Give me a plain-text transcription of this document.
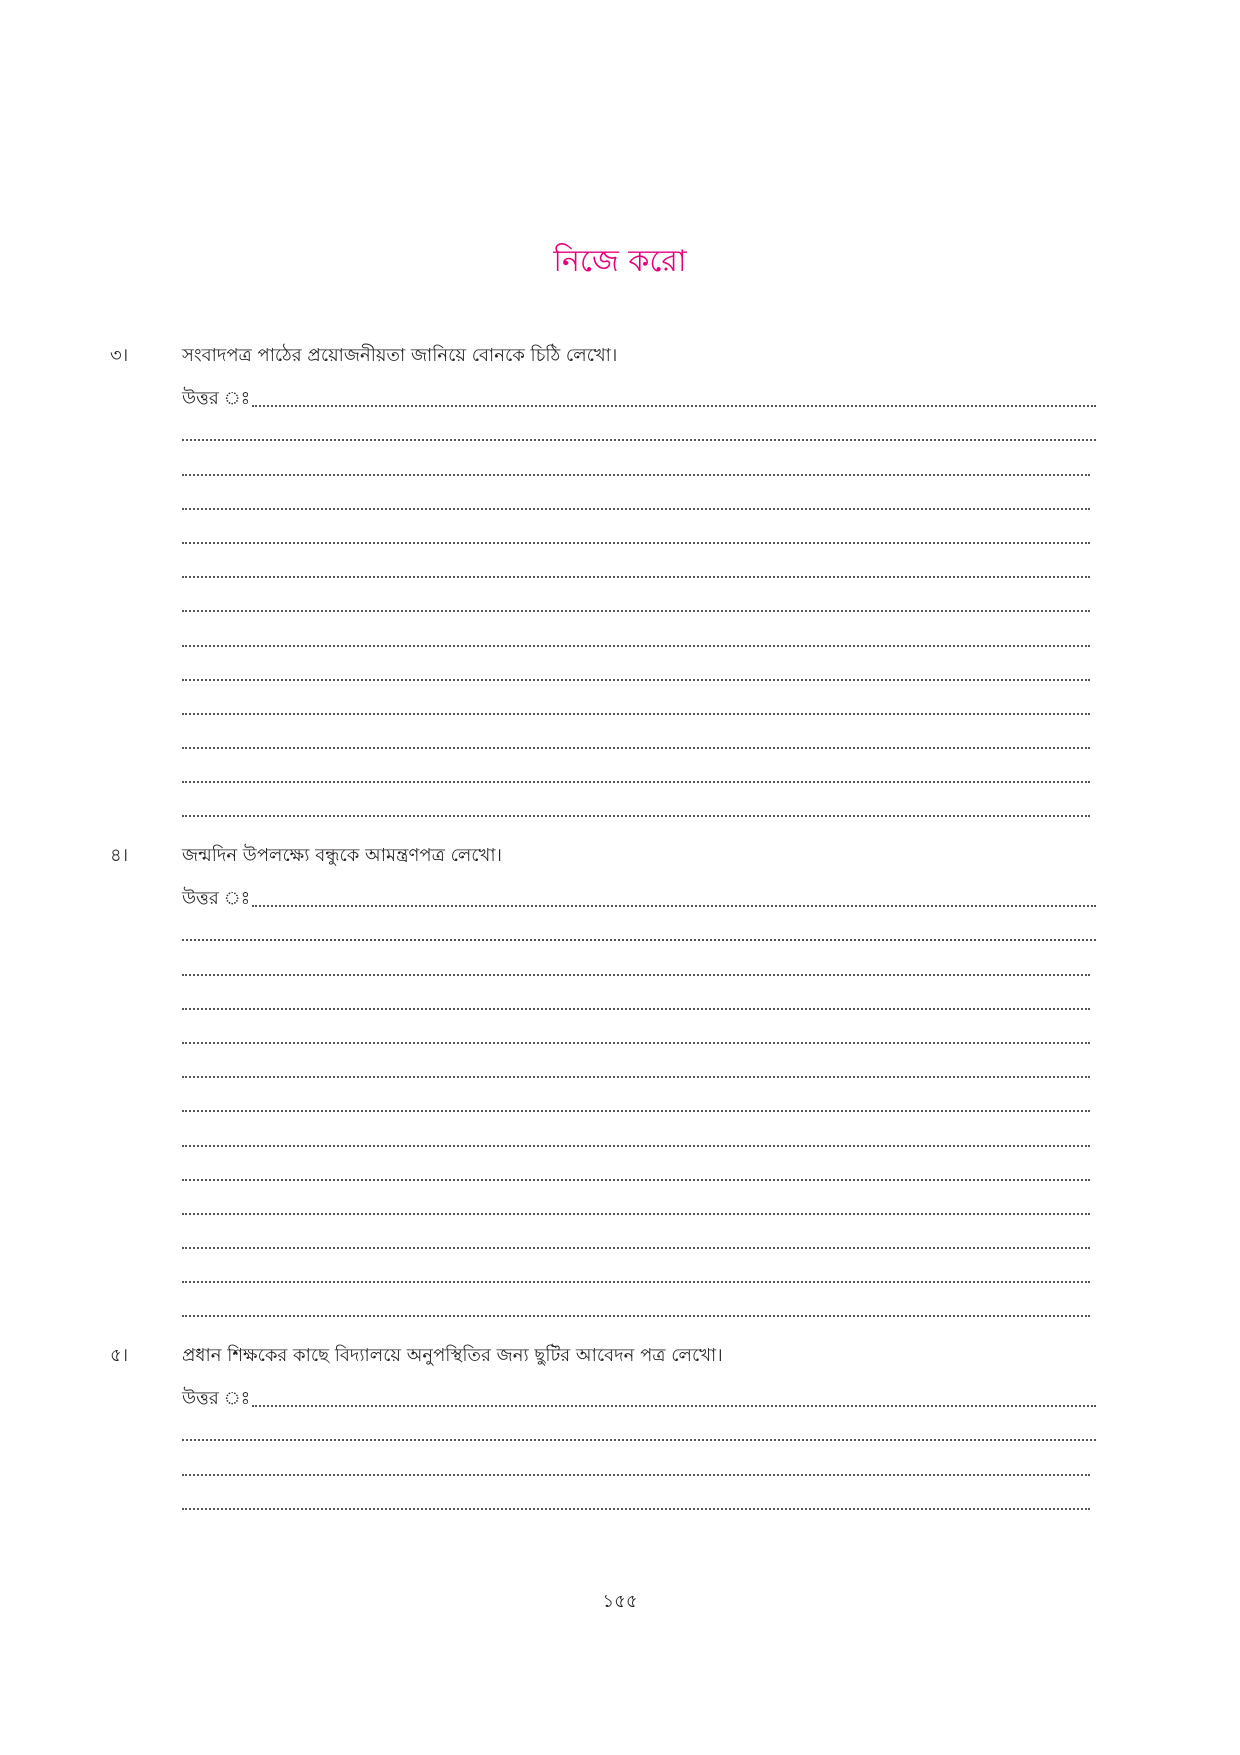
নিজে করো
৩।	সংবাদপত্র পাঠের প্রয়োজনীয়তা জানিয়ে বোনকে চিঠি লেখো।
উত্তর ঃ
৪।	জন্মদিন উপলক্ষ্যে বন্ধুকে আমন্ত্রণপত্র লেখো।
উত্তর ঃ
৫।	প্রধান শিক্ষকের কাছে বিদ্যালয়ে অনুপস্থিতির জন্য ছুটির আবেদন পত্র লেখো।
উত্তর ঃ
১৫৫
